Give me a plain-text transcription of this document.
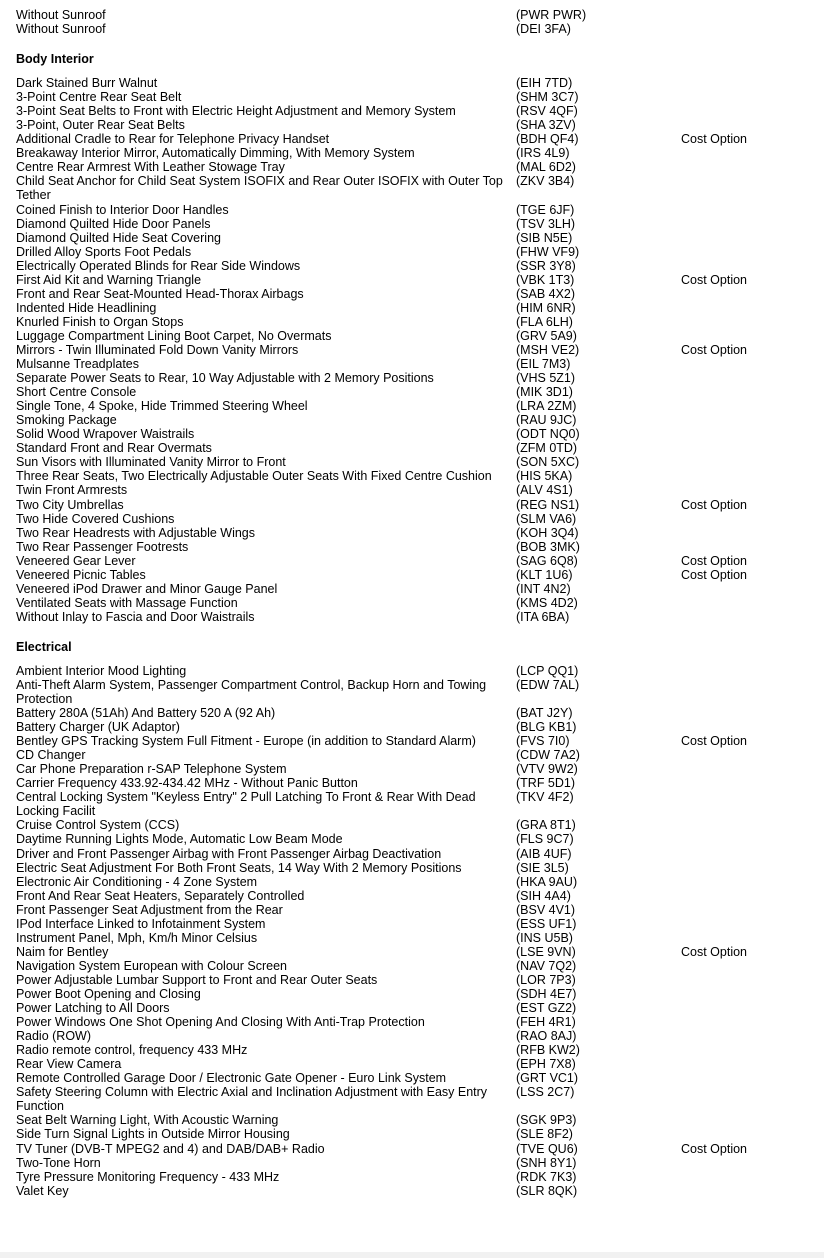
Without Sunroof	(PWR PWR)
Without Sunroof	(DEI 3FA)
Body Interior
Dark Stained Burr Walnut	(EIH 7TD)
3-Point Centre Rear Seat Belt	(SHM 3C7)
3-Point Seat Belts to Front with Electric Height Adjustment and Memory System	(RSV 4QF)
3-Point, Outer Rear Seat Belts	(SHA 3ZV)
Additional Cradle to Rear for Telephone Privacy Handset	(BDH QF4)	Cost Option
Breakaway Interior Mirror, Automatically Dimming, With Memory System	(IRS 4L9)
Centre Rear Armrest With Leather Stowage Tray	(MAL 6D2)
Child Seat Anchor for Child Seat System ISOFIX and Rear Outer ISOFIX with Outer Top Tether
(ZKV 3B4)
Coined Finish to Interior Door Handles	(TGE 6JF)
Diamond Quilted Hide Door Panels	(TSV 3LH)
Diamond Quilted Hide Seat Covering	(SIB N5E)
Drilled Alloy Sports Foot Pedals	(FHW VF9)
Electrically Operated Blinds for Rear Side Windows	(SSR 3Y8)
First Aid Kit and Warning Triangle	(VBK 1T3)	Cost Option
Front and Rear Seat-Mounted Head-Thorax Airbags	(SAB 4X2)
Indented Hide Headlining	(HIM 6NR)
Knurled Finish to Organ Stops	(FLA 6LH)
Luggage Compartment Lining Boot Carpet, No Overmats	(GRV 5A9)
Mirrors - Twin Illuminated Fold Down Vanity Mirrors	(MSH VE2)	Cost Option
Mulsanne Treadplates	(EIL 7M3)
Separate Power Seats to Rear, 10 Way Adjustable with 2 Memory Positions	(VHS 5Z1)
Short Centre Console	(MIK 3D1)
Single Tone, 4 Spoke, Hide Trimmed Steering Wheel	(LRA 2ZM)
Smoking Package	(RAU 9JC)
Solid Wood Wrapover Waistrails	(ODT NQ0)
Standard Front and Rear Overmats	(ZFM 0TD)
Sun Visors with Illuminated Vanity Mirror to Front	(SON 5XC)
Three Rear Seats, Two Electrically Adjustable Outer Seats With Fixed Centre Cushion	(HIS 5KA)
Twin Front Armrests	(ALV 4S1)
Two City Umbrellas	(REG NS1)	Cost Option
Two Hide Covered Cushions	(SLM VA6)
Two Rear Headrests with Adjustable Wings	(KOH 3Q4)
Two Rear Passenger Footrests	(BOB 3MK)
Veneered Gear Lever	(SAG 6Q8)	Cost Option
Veneered Picnic Tables	(KLT 1U6)	Cost Option
Veneered iPod Drawer and Minor Gauge Panel	(INT 4N2)
Ventilated Seats with Massage Function	(KMS 4D2)
Without Inlay to Fascia and Door Waistrails	(ITA 6BA)
Electrical
Ambient Interior Mood Lighting	(LCP QQ1)
Anti-Theft Alarm System, Passenger Compartment Control, Backup Horn and Towing Protection
(EDW 7AL)
Battery 280A (51Ah) And Battery 520 A (92 Ah)	(BAT J2Y)
Battery Charger (UK Adaptor)	(BLG KB1)
Bentley GPS Tracking System Full Fitment - Europe (in addition to Standard Alarm)	(FVS 7I0)	Cost Option
CD Changer	(CDW 7A2)
Car Phone Preparation r-SAP Telephone System	(VTV 9W2)
Carrier Frequency 433.92-434.42 MHz - Without Panic Button	(TRF 5D1)
Central Locking System "Keyless Entry" 2 Pull Latching To Front & Rear With Dead Locking Facilit
(TKV 4F2)
Cruise Control System (CCS)	(GRA 8T1)
Daytime Running Lights Mode, Automatic Low Beam Mode	(FLS 9C7)
Driver and Front Passenger Airbag with Front Passenger Airbag Deactivation	(AIB 4UF)
Electric Seat Adjustment For Both Front Seats, 14 Way With 2 Memory Positions	(SIE 3L5)
Electronic Air Conditioning - 4 Zone System	(HKA 9AU)
Front And Rear Seat Heaters, Separately Controlled	(SIH 4A4)
Front Passenger Seat Adjustment from the Rear	(BSV 4V1)
IPod Interface Linked to Infotainment System	(ESS UF1)
Instrument Panel, Mph, Km/h Minor Celsius	(INS U5B)
Naim for Bentley	(LSE 9VN)	Cost Option
Navigation System European with Colour Screen	(NAV 7Q2)
Power Adjustable Lumbar Support to Front and Rear Outer Seats	(LOR 7P3)
Power Boot Opening and Closing	(SDH 4E7)
Power Latching to All Doors	(EST GZ2)
Power Windows One Shot Opening And Closing With Anti-Trap Protection	(FEH 4R1)
Radio (ROW)	(RAO 8AJ)
Radio remote control, frequency 433 MHz	(RFB KW2)
Rear View Camera	(EPH 7X8)
Remote Controlled Garage Door / Electronic Gate Opener - Euro Link System	(GRT VC1)
Safety Steering Column with Electric Axial and Inclination Adjustment with Easy Entry Function
(LSS 2C7)
Seat Belt Warning Light, With Acoustic Warning	(SGK 9P3)
Side Turn Signal Lights in Outside Mirror Housing	(SLE 8F2)
TV Tuner (DVB-T MPEG2 and 4) and DAB/DAB+ Radio	(TVE QU6)	Cost Option
Two-Tone Horn	(SNH 8Y1)
Tyre Pressure Monitoring Frequency - 433 MHz	(RDK 7K3)
Valet Key	(SLR 8QK)
